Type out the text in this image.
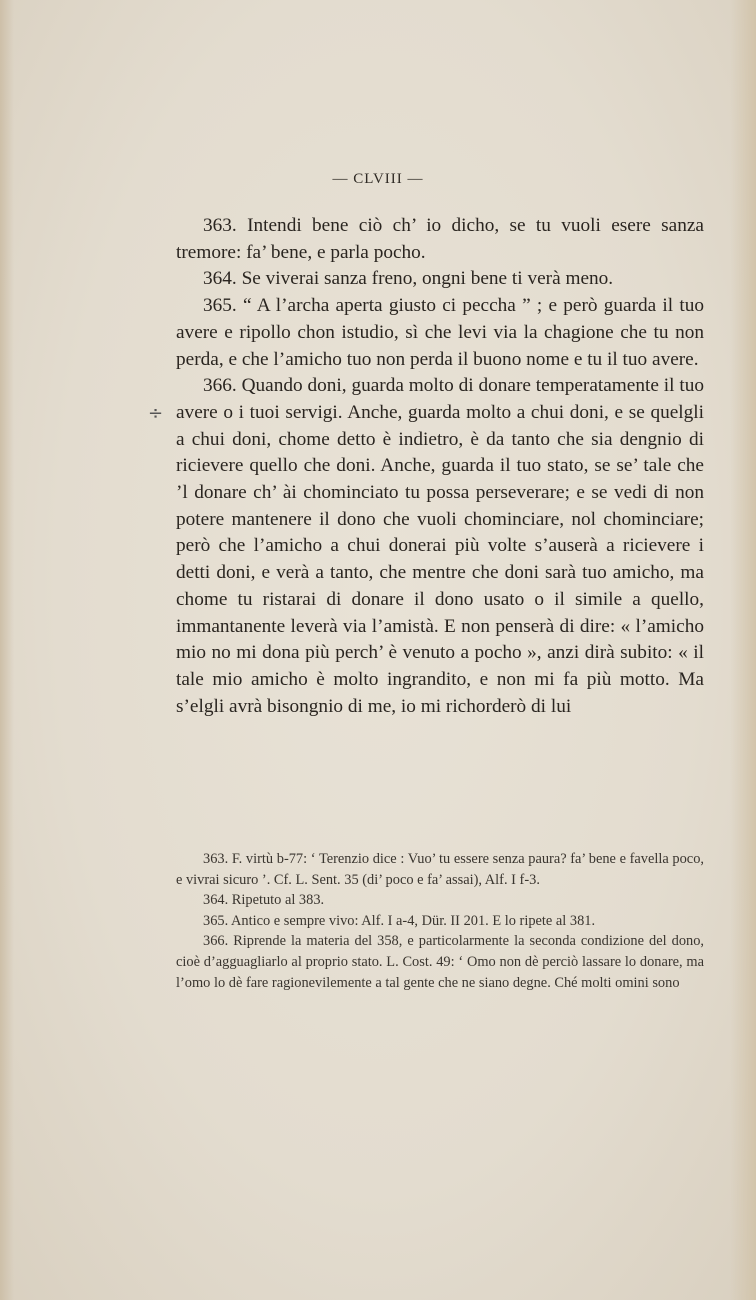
— CLVIII —
÷

363. Intendi bene ciò ch’ io dicho, se tu vuoli esere sanza tremore: fa’ bene, e parla pocho.

364. Se viverai sanza freno, ongni bene ti verà meno.

365. “ A l’archa aperta giusto ci peccha ” ; e però guarda il tuo avere e ripollo chon istudio, sì che levi via la chagione che tu non perda, e che l’amicho tuo non perda il buono nome e tu il tuo avere.

366. Quando doni, guarda molto di donare temperatamente il tuo avere o i tuoi servigi. Anche, guarda molto a chui doni, e se quelgli a chui doni, chome detto è indietro, è da tanto che sia dengnio di ricievere quello che doni. Anche, guarda il tuo stato, se se’ tale che ’l donare ch’ ài chominciato tu possa perseverare; e se vedi di non potere mantenere il dono che vuoli chominciare, nol chominciare; però che l’amicho a chui donerai più volte s’auserà a ricievere i detti doni, e verà a tanto, che mentre che doni sarà tuo amicho, ma chome tu ristarai di donare il dono usato o il simile a quello, immantanente leverà via l’amistà. E non penserà di dire: « l’amicho mio no mi dona più perch’ è venuto a pocho », anzi dirà subito: « il tale mio amicho è molto ingrandito, e non mi fa più motto. Ma s’elgli avrà bisongnio di me, io mi richorderò di lui

363. F. virtù b-77: ‘ Terenzio dice : Vuo’ tu essere senza paura? fa’ bene e favella poco, e vivrai sicuro ’. Cf. L. Sent. 35 (di’ poco e fa’ assai), Alf. I f-3.

364. Ripetuto al 383.

365. Antico e sempre vivo: Alf. I a-4, Dür. II 201. E lo ripete al 381.

366. Riprende la materia del 358, e particolarmente la seconda condizione del dono, cioè d’agguagliarlo al proprio stato. L. Cost. 49: ‘ Omo non dè perciò lassare lo donare, ma l’omo lo dè fare ragionevilemente a tal gente che ne siano degne. Ché molti omini sono
